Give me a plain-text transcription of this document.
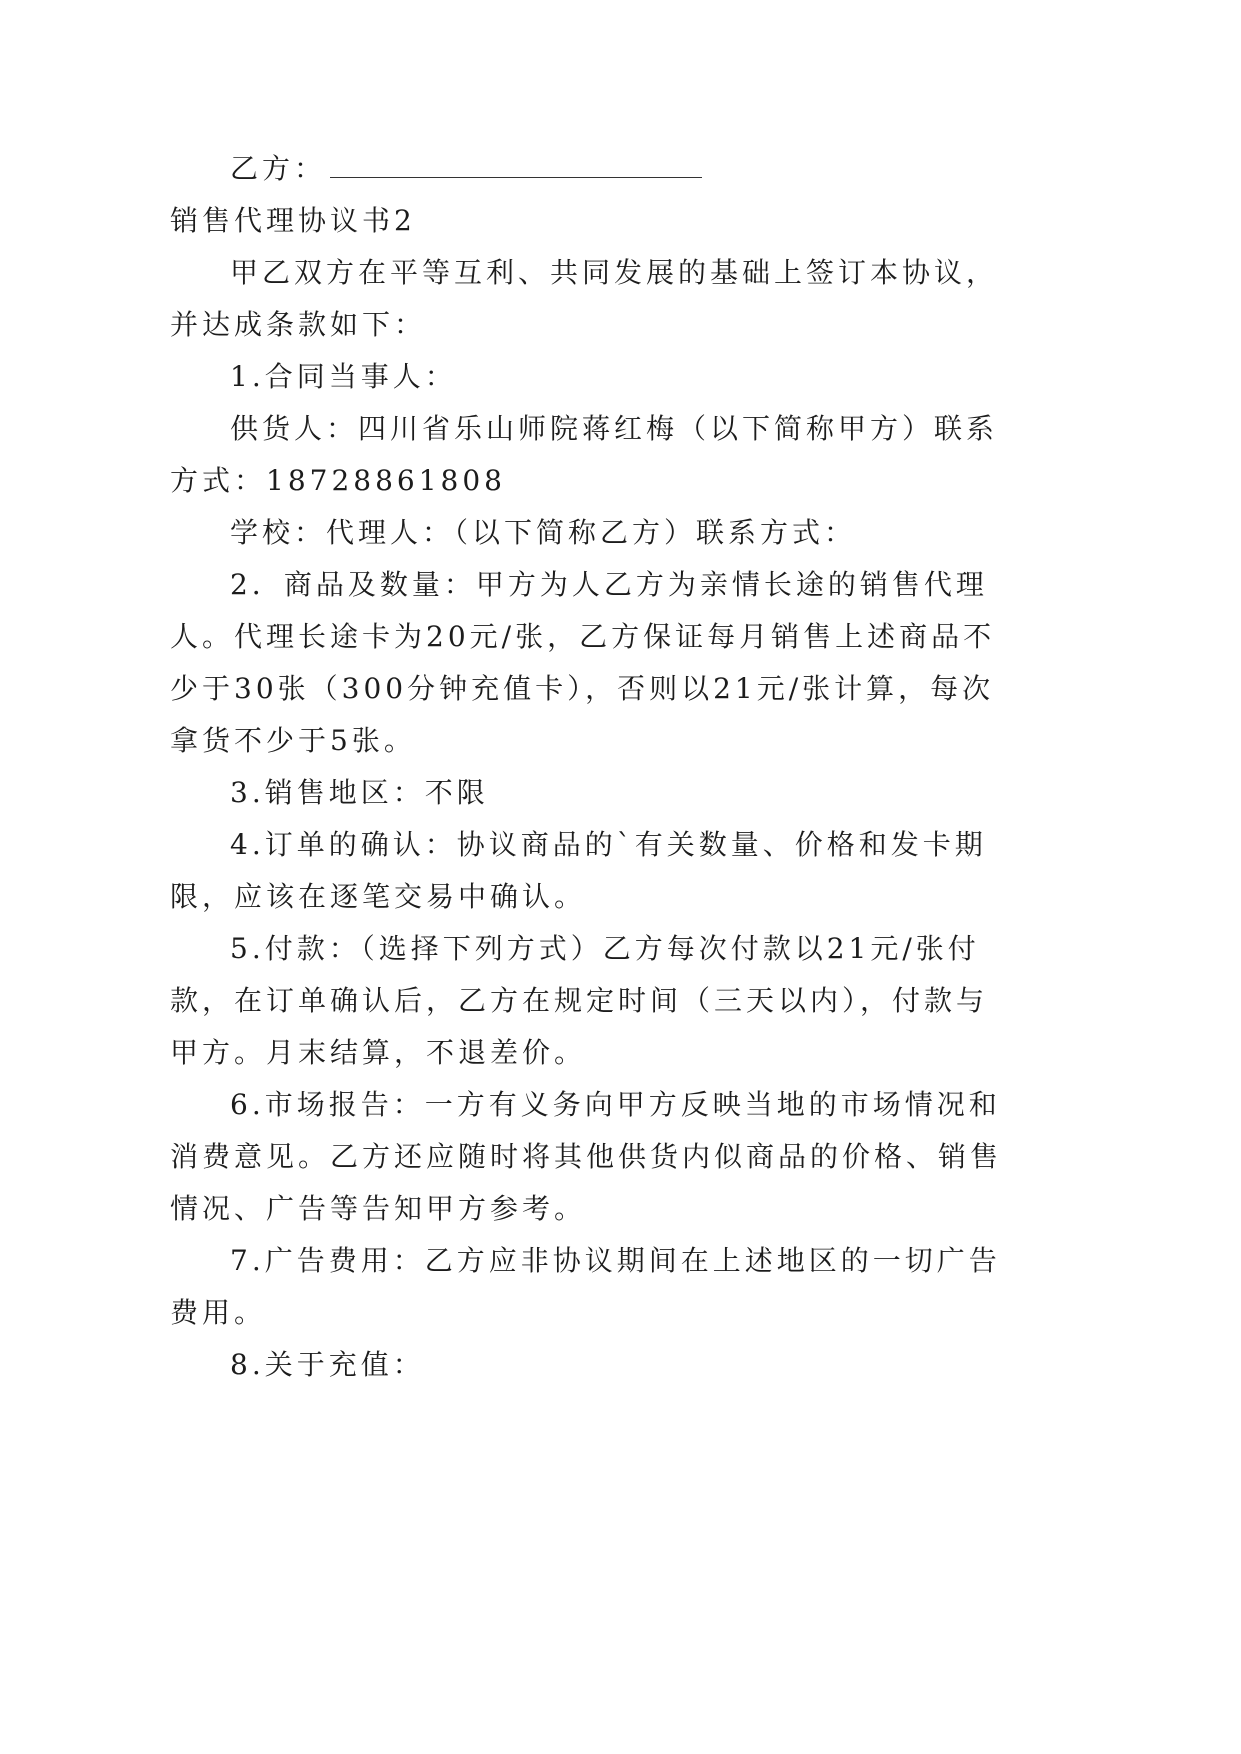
乙方：

销售代理协议书2

甲乙双方在平等互利、共同发展的基础上签订本协议，

并达成条款如下：

1.合同当事人：

供货人：四川省乐山师院蒋红梅（以下简称甲方）联系

方式：18728861808

学校：代理人：（以下简称乙方）联系方式：

2．商品及数量：甲方为人乙方为亲情长途的销售代理

人。代理长途卡为20元/张，乙方保证每月销售上述商品不

少于30张（300分钟充值卡），否则以21元/张计算，每次

拿货不少于5张。

3.销售地区：不限

4.订单的确认：协议商品的`有关数量、价格和发卡期

限，应该在逐笔交易中确认。

5.付款：（选择下列方式）乙方每次付款以21元/张付

款，在订单确认后，乙方在规定时间（三天以内），付款与

甲方。月末结算，不退差价。

6.市场报告：一方有义务向甲方反映当地的市场情况和

消费意见。乙方还应随时将其他供货内似商品的价格、销售

情况、广告等告知甲方参考。

7.广告费用：乙方应非协议期间在上述地区的一切广告

费用。

8.关于充值：
